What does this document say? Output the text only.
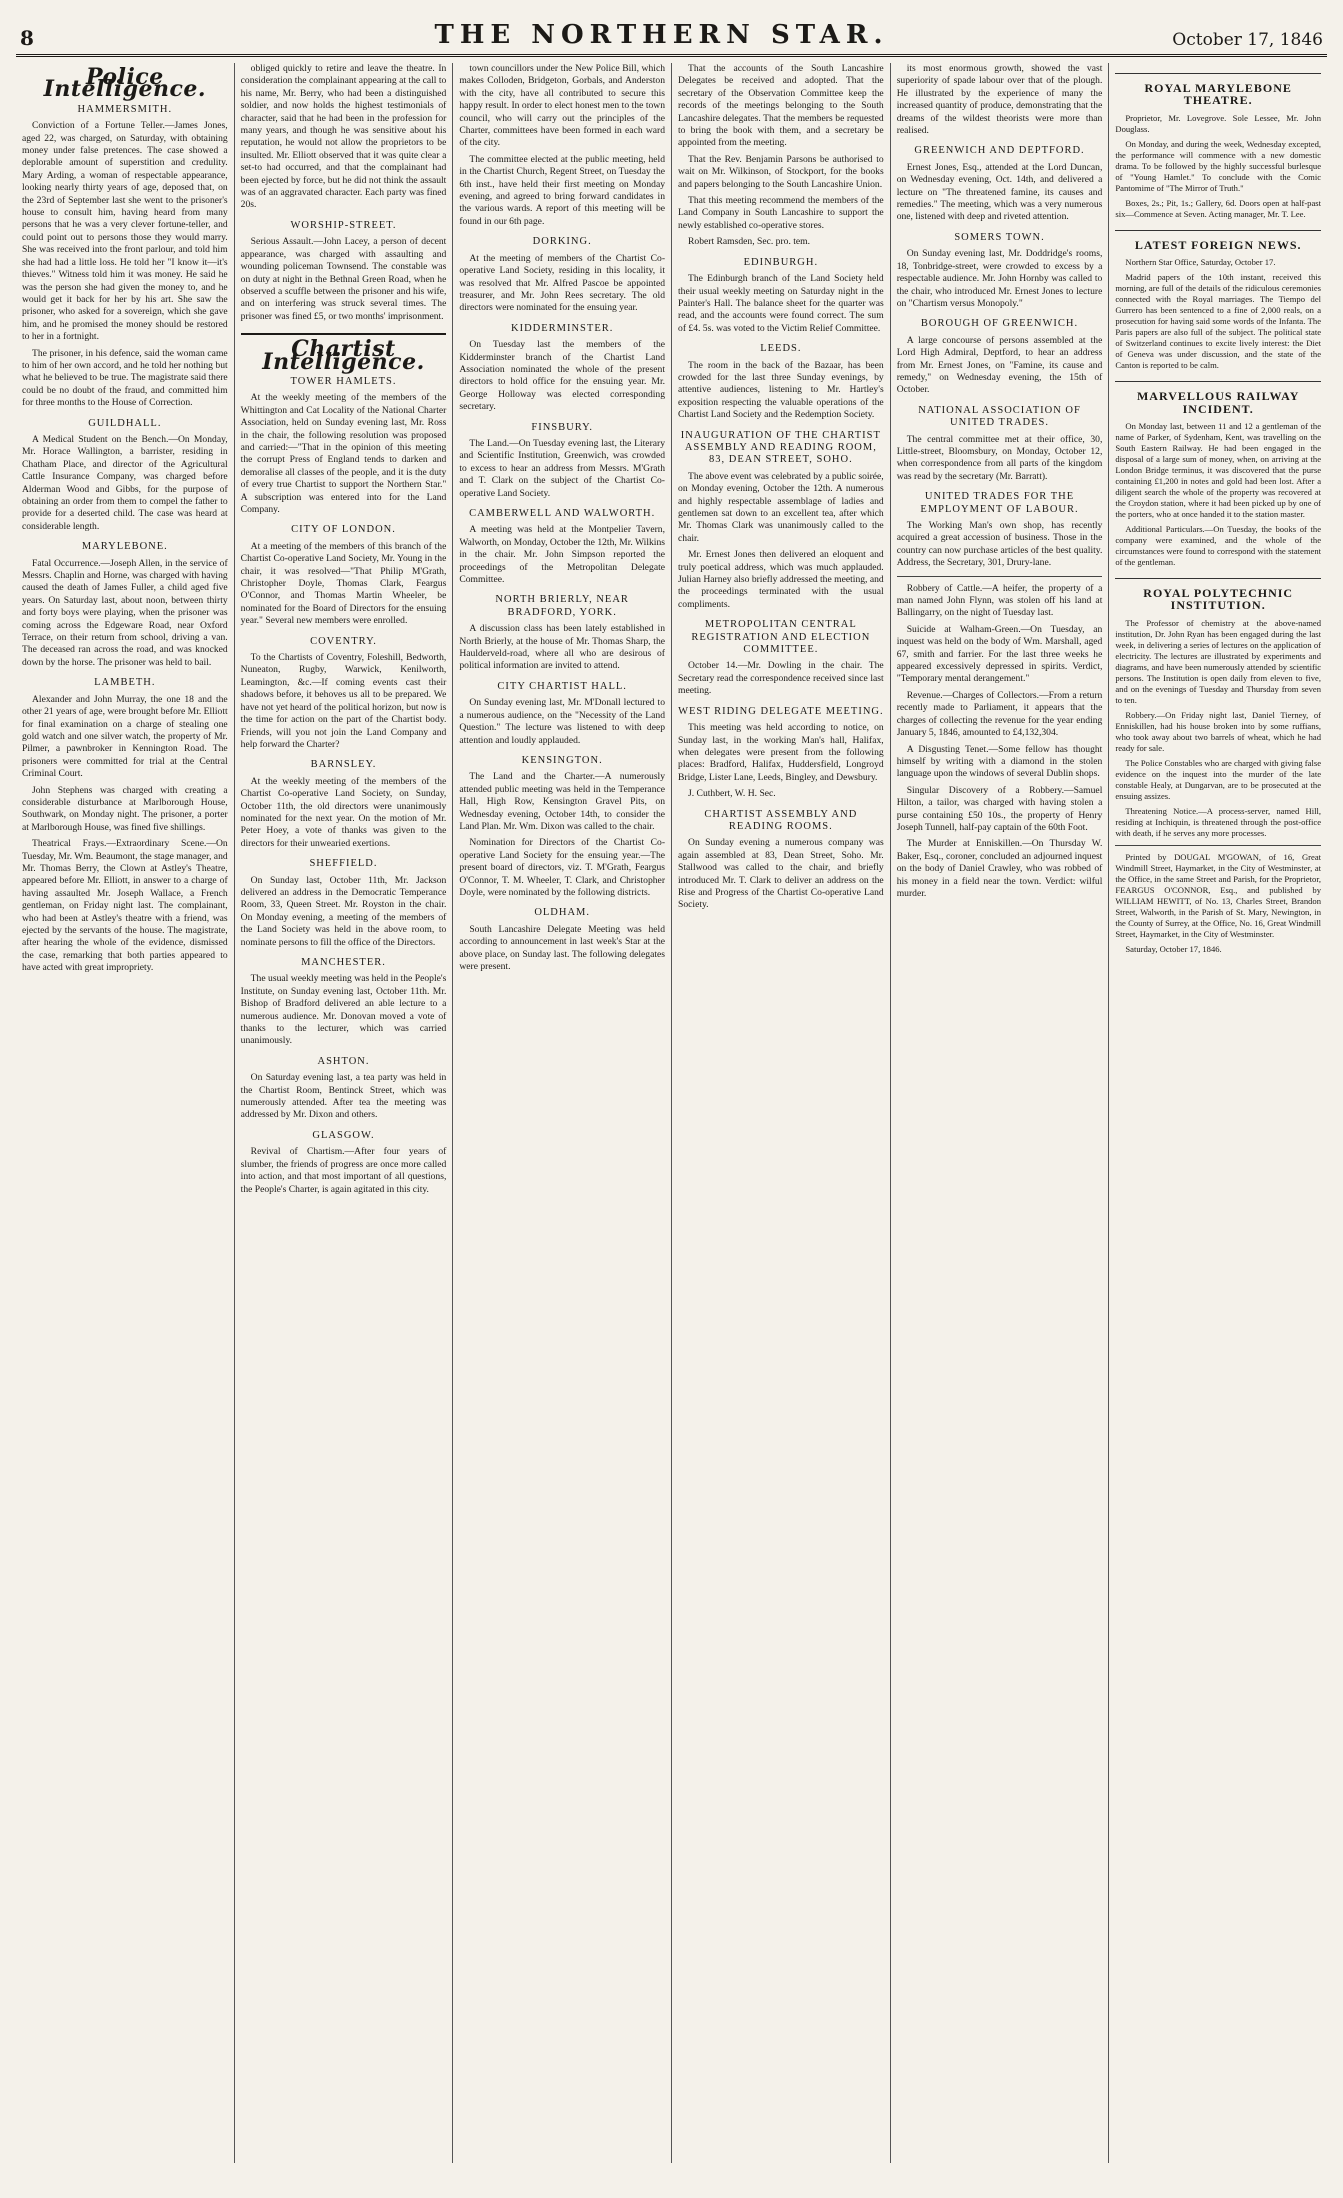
8	THE NORTHERN STAR.	October 17, 1846
Police Intelligence.
HAMMERSMITH.

Conviction of a Fortune Teller.—James Jones, aged 22, was charged, on Saturday, with obtaining money under false pretences. The case showed a deplorable amount of superstition and credulity. Mary Arding, a woman of respectable appearance, looking nearly thirty years of age, deposed that, on the 23rd of September last she went to the prisoner's house to consult him, having heard from many persons that he was a very clever fortune-teller, and could point out to persons those they would marry. She was received into the front parlour, and told him she had had a little loss. He told her "I know it—it's thieves." Witness told him it was money. He said he was the person she had given the money to, and he would get it back for her by his art. She saw the prisoner, who asked for a sovereign, which she gave him, and he promised the money should be restored to her in a fortnight.

The prisoner, in his defence, said the woman came to him of her own accord, and he told her nothing but what he believed to be true. The magistrate said there could be no doubt of the fraud, and committed him for three months to the House of Correction.

GUILDHALL.

A Medical Student on the Bench.—On Monday, Mr. Horace Wallington, a barrister, residing in Chatham Place, and director of the Agricultural Cattle Insurance Company, was charged before Alderman Wood and Gibbs, for the purpose of obtaining an order from them to compel the father to provide for a deserted child. The case was heard at considerable length.

MARYLEBONE.

Fatal Occurrence.—Joseph Allen, in the service of Messrs. Chaplin and Horne, was charged with having caused the death of James Fuller, a child aged five years. On Saturday last, about noon, between thirty and forty boys were playing, when the prisoner was coming across the Edgeware Road, near Oxford Terrace, on their return from school, driving a van. The deceased ran across the road, and was knocked down by the horse. The prisoner was held to bail.

LAMBETH.

Alexander and John Murray, the one 18 and the other 21 years of age, were brought before Mr. Elliott for final examination on a charge of stealing one gold watch and one silver watch, the property of Mr. Pilmer, a pawnbroker in Kennington Road. The prisoners were committed for trial at the Central Criminal Court.

John Stephens was charged with creating a considerable disturbance at Marlborough House, Southwark, on Monday night. The prisoner, a porter at Marlborough House, was fined five shillings.

Theatrical Frays.—Extraordinary Scene.—On Tuesday, Mr. Wm. Beaumont, the stage manager, and Mr. Thomas Berry, the Clown at Astley's Theatre, appeared before Mr. Elliott, in answer to a charge of having assaulted Mr. Joseph Wallace, a French gentleman, on Friday night last. The complainant, who had been at Astley's theatre with a friend, was ejected by the servants of the house. The magistrate, after hearing the whole of the evidence, dismissed the case, remarking that both parties appeared to have acted with great impropriety.

obliged quickly to retire and leave the theatre. In consideration the complainant appearing at the call to his name, Mr. Berry, who had been a distinguished soldier, and now holds the highest testimonials of character, said that he had been in the profession for many years, and though he was sensitive about his reputation, he would not allow the proprietors to be insulted. Mr. Elliott observed that it was quite clear a set-to had occurred, and that the complainant had been ejected by force, but he did not think the assault was of an aggravated character. Each party was fined 20s.

WORSHIP-STREET.

Serious Assault.—John Lacey, a person of decent appearance, was charged with assaulting and wounding policeman Townsend. The constable was on duty at night in the Bethnal Green Road, when he observed a scuffle between the prisoner and his wife, and on interfering was struck several times. The prisoner was fined £5, or two months' imprisonment.

Chartist Intelligence.
TOWER HAMLETS.

At the weekly meeting of the members of the Whittington and Cat Locality of the National Charter Association, held on Sunday evening last, Mr. Ross in the chair, the following resolution was proposed and carried:—"That in the opinion of this meeting the corrupt Press of England tends to darken and demoralise all classes of the people, and it is the duty of every true Chartist to support the Northern Star." A subscription was entered into for the Land Company.

CITY OF LONDON.

At a meeting of the members of this branch of the Chartist Co-operative Land Society, Mr. Young in the chair, it was resolved—"That Philip M'Grath, Christopher Doyle, Thomas Clark, Feargus O'Connor, and Thomas Martin Wheeler, be nominated for the Board of Directors for the ensuing year." Several new members were enrolled.

COVENTRY.

To the Chartists of Coventry, Foleshill, Bedworth, Nuneaton, Rugby, Warwick, Kenilworth, Leamington, &c.—If coming events cast their shadows before, it behoves us all to be prepared. We have not yet heard of the political horizon, but now is the time for action on the part of the Chartist body. Friends, will you not join the Land Company and help forward the Charter?

BARNSLEY.

At the weekly meeting of the members of the Chartist Co-operative Land Society, on Sunday, October 11th, the old directors were unanimously nominated for the next year. On the motion of Mr. Peter Hoey, a vote of thanks was given to the directors for their unwearied exertions.

SHEFFIELD.

On Sunday last, October 11th, Mr. Jackson delivered an address in the Democratic Temperance Room, 33, Queen Street. Mr. Royston in the chair. On Monday evening, a meeting of the members of the Land Society was held in the above room, to nominate persons to fill the office of the Directors.

MANCHESTER.

The usual weekly meeting was held in the People's Institute, on Sunday evening last, October 11th. Mr. Bishop of Bradford delivered an able lecture to a numerous audience. Mr. Donovan moved a vote of thanks to the lecturer, which was carried unanimously.

ASHTON.

On Saturday evening last, a tea party was held in the Chartist Room, Bentinck Street, which was numerously attended. After tea the meeting was addressed by Mr. Dixon and others.

GLASGOW.

Revival of Chartism.—After four years of slumber, the friends of progress are once more called into action, and that most important of all questions, the People's Charter, is again agitated in this city.

town councillors under the New Police Bill, which makes Colloden, Bridgeton, Gorbals, and Anderston with the city, have all contributed to secure this happy result. In order to elect honest men to the town council, who will carry out the principles of the Charter, committees have been formed in each ward of the city.

The committee elected at the public meeting, held in the Chartist Church, Regent Street, on Tuesday the 6th inst., have held their first meeting on Monday evening, and agreed to bring forward candidates in the various wards. A report of this meeting will be found in our 6th page.

DORKING.

At the meeting of members of the Chartist Co-operative Land Society, residing in this locality, it was resolved that Mr. Alfred Pascoe be appointed treasurer, and Mr. John Rees secretary. The old directors were nominated for the ensuing year.

KIDDERMINSTER.

On Tuesday last the members of the Kidderminster branch of the Chartist Land Association nominated the whole of the present directors to hold office for the ensuing year. Mr. George Holloway was elected corresponding secretary.

FINSBURY.

The Land.—On Tuesday evening last, the Literary and Scientific Institution, Greenwich, was crowded to excess to hear an address from Messrs. M'Grath and T. Clark on the subject of the Chartist Co-operative Land Society.

CAMBERWELL AND WALWORTH.

A meeting was held at the Montpelier Tavern, Walworth, on Monday, October the 12th, Mr. Wilkins in the chair. Mr. John Simpson reported the proceedings of the Metropolitan Delegate Committee.

NORTH BRIERLY, NEAR BRADFORD, YORK.

A discussion class has been lately established in North Brierly, at the house of Mr. Thomas Sharp, the Haulderveld-road, where all who are desirous of political information are invited to attend.

CITY CHARTIST HALL.

On Sunday evening last, Mr. M'Donall lectured to a numerous audience, on the "Necessity of the Land Question." The lecture was listened to with deep attention and loudly applauded.

KENSINGTON.

The Land and the Charter.—A numerously attended public meeting was held in the Temperance Hall, High Row, Kensington Gravel Pits, on Wednesday evening, October 14th, to consider the Land Plan. Mr. Wm. Dixon was called to the chair.

Nomination for Directors of the Chartist Co-operative Land Society for the ensuing year.—The present board of directors, viz. T. M'Grath, Feargus O'Connor, T. M. Wheeler, T. Clark, and Christopher Doyle, were nominated by the following districts.

OLDHAM.

South Lancashire Delegate Meeting was held according to announcement in last week's Star at the above place, on Sunday last. The following delegates were present.

That the accounts of the South Lancashire Delegates be received and adopted. That the secretary of the Observation Committee keep the records of the meetings belonging to the South Lancashire delegates. That the members be requested to bring the book with them, and a secretary be appointed from the meeting.

That the Rev. Benjamin Parsons be authorised to wait on Mr. Wilkinson, of Stockport, for the books and papers belonging to the South Lancashire Union.

That this meeting recommend the members of the Land Company in South Lancashire to support the newly established co-operative stores.

Robert Ramsden, Sec. pro. tem.

EDINBURGH.

The Edinburgh branch of the Land Society held their usual weekly meeting on Saturday night in the Painter's Hall. The balance sheet for the quarter was read, and the accounts were found correct. The sum of £4. 5s. was voted to the Victim Relief Committee.

LEEDS.

The room in the back of the Bazaar, has been crowded for the last three Sunday evenings, by attentive audiences, listening to Mr. Hartley's exposition respecting the valuable operations of the Chartist Land Society and the Redemption Society.

INAUGURATION OF THE CHARTIST ASSEMBLY AND READING ROOM, 83, DEAN STREET, SOHO.

The above event was celebrated by a public soirée, on Monday evening, October the 12th. A numerous and highly respectable assemblage of ladies and gentlemen sat down to an excellent tea, after which Mr. Thomas Clark was unanimously called to the chair.

Mr. Ernest Jones then delivered an eloquent and truly poetical address, which was much applauded. Julian Harney also briefly addressed the meeting, and the proceedings terminated with the usual compliments.

METROPOLITAN CENTRAL REGISTRATION AND ELECTION COMMITTEE.

October 14.—Mr. Dowling in the chair. The Secretary read the correspondence received since last meeting.

WEST RIDING DELEGATE MEETING.

This meeting was held according to notice, on Sunday last, in the working Man's hall, Halifax, when delegates were present from the following places: Bradford, Halifax, Huddersfield, Longroyd Bridge, Lister Lane, Leeds, Bingley, and Dewsbury.

J. Cuthbert, W. H. Sec.

CHARTIST ASSEMBLY AND READING ROOMS.

On Sunday evening a numerous company was again assembled at 83, Dean Street, Soho. Mr. Stallwood was called to the chair, and briefly introduced Mr. T. Clark to deliver an address on the Rise and Progress of the Chartist Co-operative Land Society.

its most enormous growth, showed the vast superiority of spade labour over that of the plough. He illustrated by the experience of many the increased quantity of produce, demonstrating that the dreams of the wildest theorists were more than realised.

GREENWICH AND DEPTFORD.

Ernest Jones, Esq., attended at the Lord Duncan, on Wednesday evening, Oct. 14th, and delivered a lecture on "The threatened famine, its causes and remedies." The meeting, which was a very numerous one, listened with deep and riveted attention.

SOMERS TOWN.

On Sunday evening last, Mr. Doddridge's rooms, 18, Tonbridge-street, were crowded to excess by a respectable audience. Mr. John Hornby was called to the chair, who introduced Mr. Ernest Jones to lecture on "Chartism versus Monopoly."

BOROUGH OF GREENWICH.

A large concourse of persons assembled at the Lord High Admiral, Deptford, to hear an address from Mr. Ernest Jones, on "Famine, its cause and remedy," on Wednesday evening, the 15th of October.

NATIONAL ASSOCIATION OF UNITED TRADES.

The central committee met at their office, 30, Little-street, Bloomsbury, on Monday, October 12, when correspondence from all parts of the kingdom was read by the secretary (Mr. Barratt).

UNITED TRADES FOR THE EMPLOYMENT OF LABOUR.

The Working Man's own shop, has recently acquired a great accession of business. Those in the country can now purchase articles of the best quality. Address, the Secretary, 301, Drury-lane.

Robbery of Cattle.—A heifer, the property of a man named John Flynn, was stolen off his land at Ballingarry, on the night of Tuesday last.

Suicide at Walham-Green.—On Tuesday, an inquest was held on the body of Wm. Marshall, aged 67, smith and farrier. For the last three weeks he appeared excessively depressed in spirits. Verdict, "Temporary mental derangement."

Revenue.—Charges of Collectors.—From a return recently made to Parliament, it appears that the charges of collecting the revenue for the year ending January 5, 1846, amounted to £4,132,304.

A Disgusting Tenet.—Some fellow has thought himself by writing with a diamond in the stolen language upon the windows of several Dublin shops.

Singular Discovery of a Robbery.—Samuel Hilton, a tailor, was charged with having stolen a purse containing £50 10s., the property of Henry Joseph Tunnell, half-pay captain of the 60th Foot.

The Murder at Enniskillen.—On Thursday W. Baker, Esq., coroner, concluded an adjourned inquest on the body of Daniel Crawley, who was robbed of his money in a field near the town. Verdict: wilful murder.

ROYAL MARYLEBONE THEATRE.

Proprietor, Mr. Lovegrove. Sole Lessee, Mr. John Douglass.

On Monday, and during the week, Wednesday excepted, the performance will commence with a new domestic drama. To be followed by the highly successful burlesque of "Young Hamlet." To conclude with the Comic Pantomime of "The Mirror of Truth."

Boxes, 2s.; Pit, 1s.; Gallery, 6d. Doors open at half-past six—Commence at Seven. Acting manager, Mr. T. Lee.

LATEST FOREIGN NEWS.

Northern Star Office, Saturday, October 17.

Madrid papers of the 10th instant, received this morning, are full of the details of the ridiculous ceremonies connected with the Royal marriages. The Tiempo del Gurrero has been sentenced to a fine of 2,000 reals, on a prosecution for having said some words of the Infanta. The Paris papers are also full of the subject. The political state of Switzerland continues to excite lively interest: the Diet of Geneva was under discussion, and the state of the Canton is reported to be calm.

MARVELLOUS RAILWAY INCIDENT.

On Monday last, between 11 and 12 a gentleman of the name of Parker, of Sydenham, Kent, was travelling on the South Eastern Railway. He had been engaged in the disposal of a large sum of money, when, on arriving at the London Bridge terminus, it was discovered that the purse containing £1,200 in notes and gold had been lost. After a diligent search the whole of the property was recovered at the Croydon station, where it had been picked up by one of the porters, who at once handed it to the station master.

Additional Particulars.—On Tuesday, the books of the company were examined, and the whole of the circumstances were found to correspond with the statement of the gentleman.

ROYAL POLYTECHNIC INSTITUTION.

The Professor of chemistry at the above-named institution, Dr. John Ryan has been engaged during the last week, in delivering a series of lectures on the application of electricity. The lectures are illustrated by experiments and diagrams, and have been numerously attended by scientific persons. The Institution is open daily from eleven to five, and on the evenings of Tuesday and Thursday from seven to ten.

Robbery.—On Friday night last, Daniel Tierney, of Enniskillen, had his house broken into by some ruffians, who took away about two barrels of wheat, which he had ready for sale.

The Police Constables who are charged with giving false evidence on the inquest into the murder of the late constable Healy, at Dungarvan, are to be prosecuted at the ensuing assizes.

Threatening Notice.—A process-server, named Hill, residing at Inchiquin, is threatened through the post-office with death, if he serves any more processes.

Printed by DOUGAL M'GOWAN, of 16, Great Windmill Street, Haymarket, in the City of Westminster, at the Office, in the same Street and Parish, for the Proprietor, FEARGUS O'CONNOR, Esq., and published by WILLIAM HEWITT, of No. 13, Charles Street, Brandon Street, Walworth, in the Parish of St. Mary, Newington, in the County of Surrey, at the Office, No. 16, Great Windmill Street, Haymarket, in the City of Westminster.

Saturday, October 17, 1846.
